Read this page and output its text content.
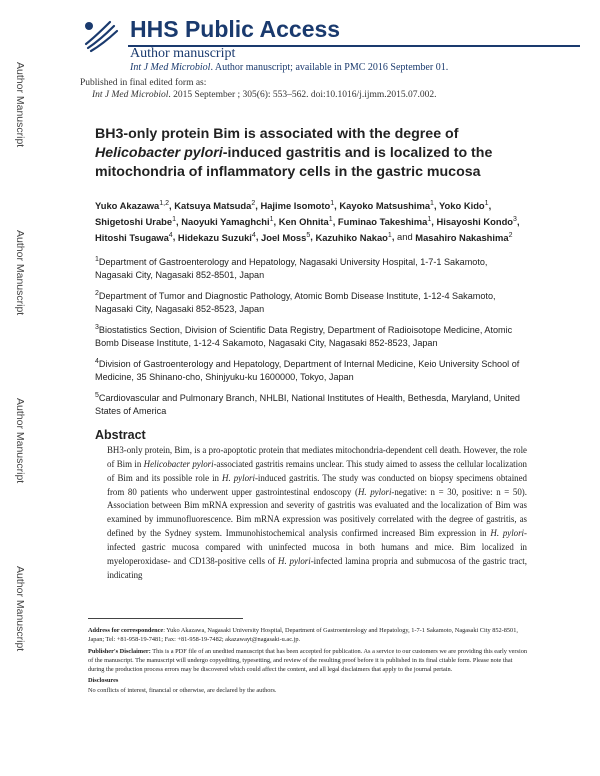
Author Manuscript
Author Manuscript
Author Manuscript
Author Manuscript
HHS Public Access
Author manuscript
Int J Med Microbiol. Author manuscript; available in PMC 2016 September 01.
Published in final edited form as:
Int J Med Microbiol. 2015 September ; 305(6): 553–562. doi:10.1016/j.ijmm.2015.07.002.
BH3-only protein Bim is associated with the degree of
Helicobacter pylori-induced gastritis and is localized to the mitochondria of inflammatory cells in the gastric mucosa
Yuko Akazawa$^{1,2}$, Katsuya Matsuda$^2$, Hajime Isomoto$^1$, Kayoko Matsushima$^1$, Yoko Kido$^1$, Shigetoshi Urabe$^1$, Naoyuki Yamaghchi$^1$, Ken Ohnita$^1$, Fuminao Takeshima$^1$, Hisayoshi Kondo$^3$, Hitoshi Tsugawa$^4$, Hidekazu Suzuki$^4$, Joel Moss$^5$, Kazuhiko Nakao$^1$, and Masahiro Nakashima$^2$
$^1$Department of Gastroenterology and Hepatology, Nagasaki University Hospital, 1-7-1 Sakamoto, Nagasaki City, Nagasaki 852-8501, Japan
$^2$Department of Tumor and Diagnostic Pathology, Atomic Bomb Disease Institute, 1-12-4 Sakamoto, Nagasaki City, Nagasaki 852-8523, Japan
$^3$Biostatistics Section, Division of Scientific Data Registry, Department of Radioisotope Medicine, Atomic Bomb Disease Institute, 1-12-4 Sakamoto, Nagasaki City, Nagasaki 852-8523, Japan
$^4$Division of Gastroenterology and Hepatology, Department of Internal Medicine, Keio University School of Medicine, 35 Shinano-cho, Shinjyuku-ku 1600000, Tokyo, Japan
$^5$Cardiovascular and Pulmonary Branch, NHLBI, National Institutes of Health, Bethesda, Maryland, United States of America
Abstract
BH3-only protein, Bim, is a pro-apoptotic protein that mediates mitochondria-dependent cell death. However, the role of Bim in Helicobacter pylori-associated gastritis remains unclear. This study aimed to assess the cellular localization of Bim and its possible role in H. pylori-induced gastritis. The study was conducted on biopsy specimens obtained from 80 patients who underwent upper gastrointestinal endoscopy (H. pylori-negative: n = 30, positive: n = 50). Association between Bim mRNA expression and severity of gastritis was evaluated and the localization of Bim was examined by immunofluorescence. Bim mRNA expression was positively correlated with the degree of gastritis, as defined by the Sydney system. Immunohistochemical analysis confirmed increased Bim expression in H. pylori-infected gastric mucosa compared with uninfected mucosa in both humans and mice. Bim localized in myeloperoxidase- and CD138-positive cells of H. pylori-infected lamina propria and submucosa of the gastric tract, indicating
Address for correspondence: Yuko Akazawa, Nagasaki University Hospital, Department of Gastroenterology and Hepatology, 1-7-1 Sakamoto, Nagasaki City 852-8501, Japan; Tel: +81-958-19-7481; Fax: +81-958-19-7482; akazawayt@nagasaki-u.ac.jp.
Publisher's Disclaimer: This is a PDF file of an unedited manuscript that has been accepted for publication. As a service to our customers we are providing this early version of the manuscript. The manuscript will undergo copyediting, typesetting, and review of the resulting proof before it is published in its final citable form. Please note that during the production process errors may be discovered which could affect the content, and all legal disclaimers that apply to the journal pertain.
Disclosures
No conflicts of interest, financial or otherwise, are declared by the authors.
